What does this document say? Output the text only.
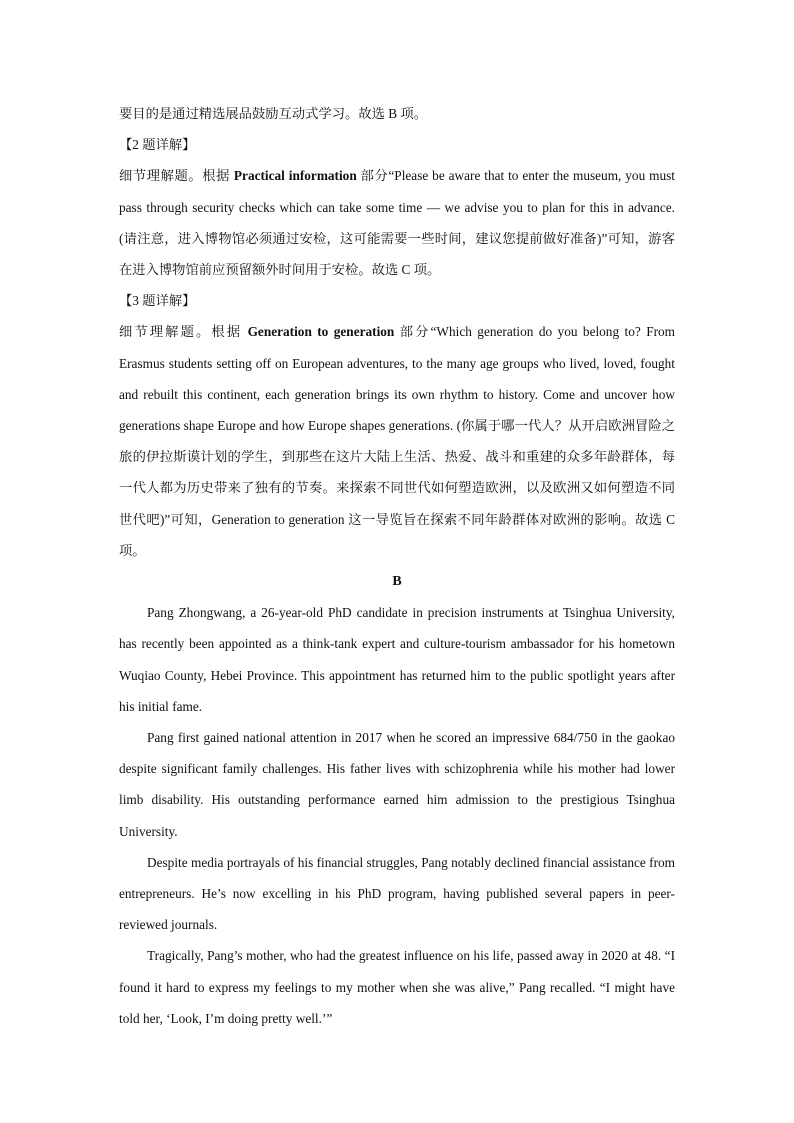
要目的是通过精选展品鼓励互动式学习。故选 B 项。

【2 题详解】

细节理解题。根据 Practical information 部分“Please be aware that to enter the museum, you must pass through security checks which can take some time — we advise you to plan for this in advance. (请注意，进入博物馆必须通过安检，这可能需要一些时间，建议您提前做好准备)”可知，游客在进入博物馆前应预留额外时间用于安检。故选 C 项。

【3 题详解】

细节理解题。根据 Generation to generation 部分“Which generation do you belong to? From Erasmus students setting off on European adventures, to the many age groups who lived, loved, fought and rebuilt this continent, each generation brings its own rhythm to history. Come and uncover how generations shape Europe and how Europe shapes generations. (你属于哪一代人？从开启欧洲冒险之旅的伊拉斯谟计划的学生，到那些在这片大陆上生活、热爱、战斗和重建的众多年龄群体，每一代人都为历史带来了独有的节奏。来探索不同世代如何塑造欧洲，以及欧洲又如何塑造不同世代吧)”可知，Generation to generation 这一导览旨在探索不同年龄群体对欧洲的影响。故选 C 项。

B

Pang Zhongwang, a 26-year-old PhD candidate in precision instruments at Tsinghua University, has recently been appointed as a think-tank expert and culture-tourism ambassador for his hometown Wuqiao County, Hebei Province. This appointment has returned him to the public spotlight years after his initial fame.

Pang first gained national attention in 2017 when he scored an impressive 684/750 in the gaokao despite significant family challenges. His father lives with schizophrenia while his mother had lower limb disability. His outstanding performance earned him admission to the prestigious Tsinghua University.

Despite media portrayals of his financial struggles, Pang notably declined financial assistance from entrepreneurs. He’s now excelling in his PhD program, having published several papers in peer-reviewed journals.

Tragically, Pang’s mother, who had the greatest influence on his life, passed away in 2020 at 48. “I found it hard to express my feelings to my mother when she was alive,” Pang recalled. “I might have told her, ‘Look, I’m doing pretty well.’”
